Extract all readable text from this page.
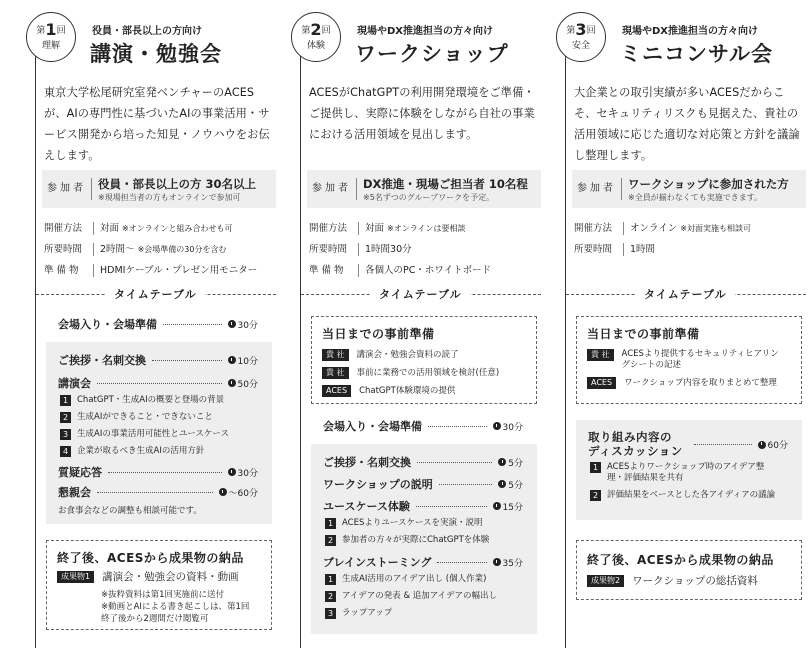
第1回
理解
役員・部長以上の方向け
講演・勉強会
東京大学松尾研究室発ベンチャーのACESが、AIの専門性に基づいたAIの事業活用・サービス開発から培った知見・ノウハウをお伝えします。
参加者	役員・部長以上の方 30名以上
※現場担当者の方もオンラインで参加可
開催方法	対面 ※オンラインと組み合わせも可
所要時間	2時間〜 ※会場準備の30分を含む
準 備 物	HDMIケーブル・プレゼン用モニター
タイムテーブル
会場入り・会場準備	30分
ご挨拶・名刺交換	10分
講演会	50分
1	ChatGPT・生成AIの概要と登場の背景
2	生成AIができること・できないこと
3	生成AIの事業活用可能性とユースケース
4	企業が取るべき生成AIの活用方針
質疑応答	30分
懇親会	〜60分
お食事会などの調整も相談可能です。
終了後、ACESから成果物の納品
成果物1	講演会・勉強会の資料・動画
※抜粋資料は第1回実施前に送付
※動画とAIによる書き起こしは、第1回
終了後から2週間だけ閲覧可
第2回
体験
現場やDX推進担当の方々向け
ワークショップ
ACESがChatGPTの利用開発環境をご準備・ご提供し、実際に体験をしながら自社の事業における活用領域を見出します。
参加者	DX推進・現場ご担当者 10名程
※5名ずつのグループワークを予定。
開催方法	対面 ※オンラインは要相談
所要時間	1時間30分
準 備 物	各個人のPC・ホワイトボード
タイムテーブル
当日までの事前準備
貴 社	講演会・勉強会資料の読了
貴 社	事前に業務での活用領域を検討(任意)
ACES	ChatGPT体験環境の提供
会場入り・会場準備	30分
ご挨拶・名刺交換	5分
ワークショップの説明	5分
ユースケース体験	15分
1	ACESよりユースケースを実演・説明
2	参加者の方々が実際にChatGPTを体験
ブレインストーミング	35分
1	生成AI活用のアイデア出し (個人作業)
2	アイデアの発表 & 追加アイデアの幅出し
3	ラップアップ
第3回
安全
現場やDX推進担当の方々向け
ミニコンサル会
大企業との取引実績が多いACESだからこそ、セキュリティリスクも見据えた、貴社の活用領域に応じた適切な対応策と方針を議論し整理します。
参加者	ワークショップに参加された方
※全員が揃わなくても実施できます。
開催方法	オンライン ※対面実施も相談可
所要時間	1時間
タイムテーブル
当日までの事前準備
貴 社	ACESより提供するセキュリティヒアリン
グシートの記述
ACES	ワークショップ内容を取りまとめて整理
取り組み内容の
ディスカッション	60分
1	ACESよりワークショップ時のアイデア整
理・評価結果を共有
2	評価結果をベースとした各アイディアの議論
終了後、ACESから成果物の納品
成果物2	ワークショップの総括資料
